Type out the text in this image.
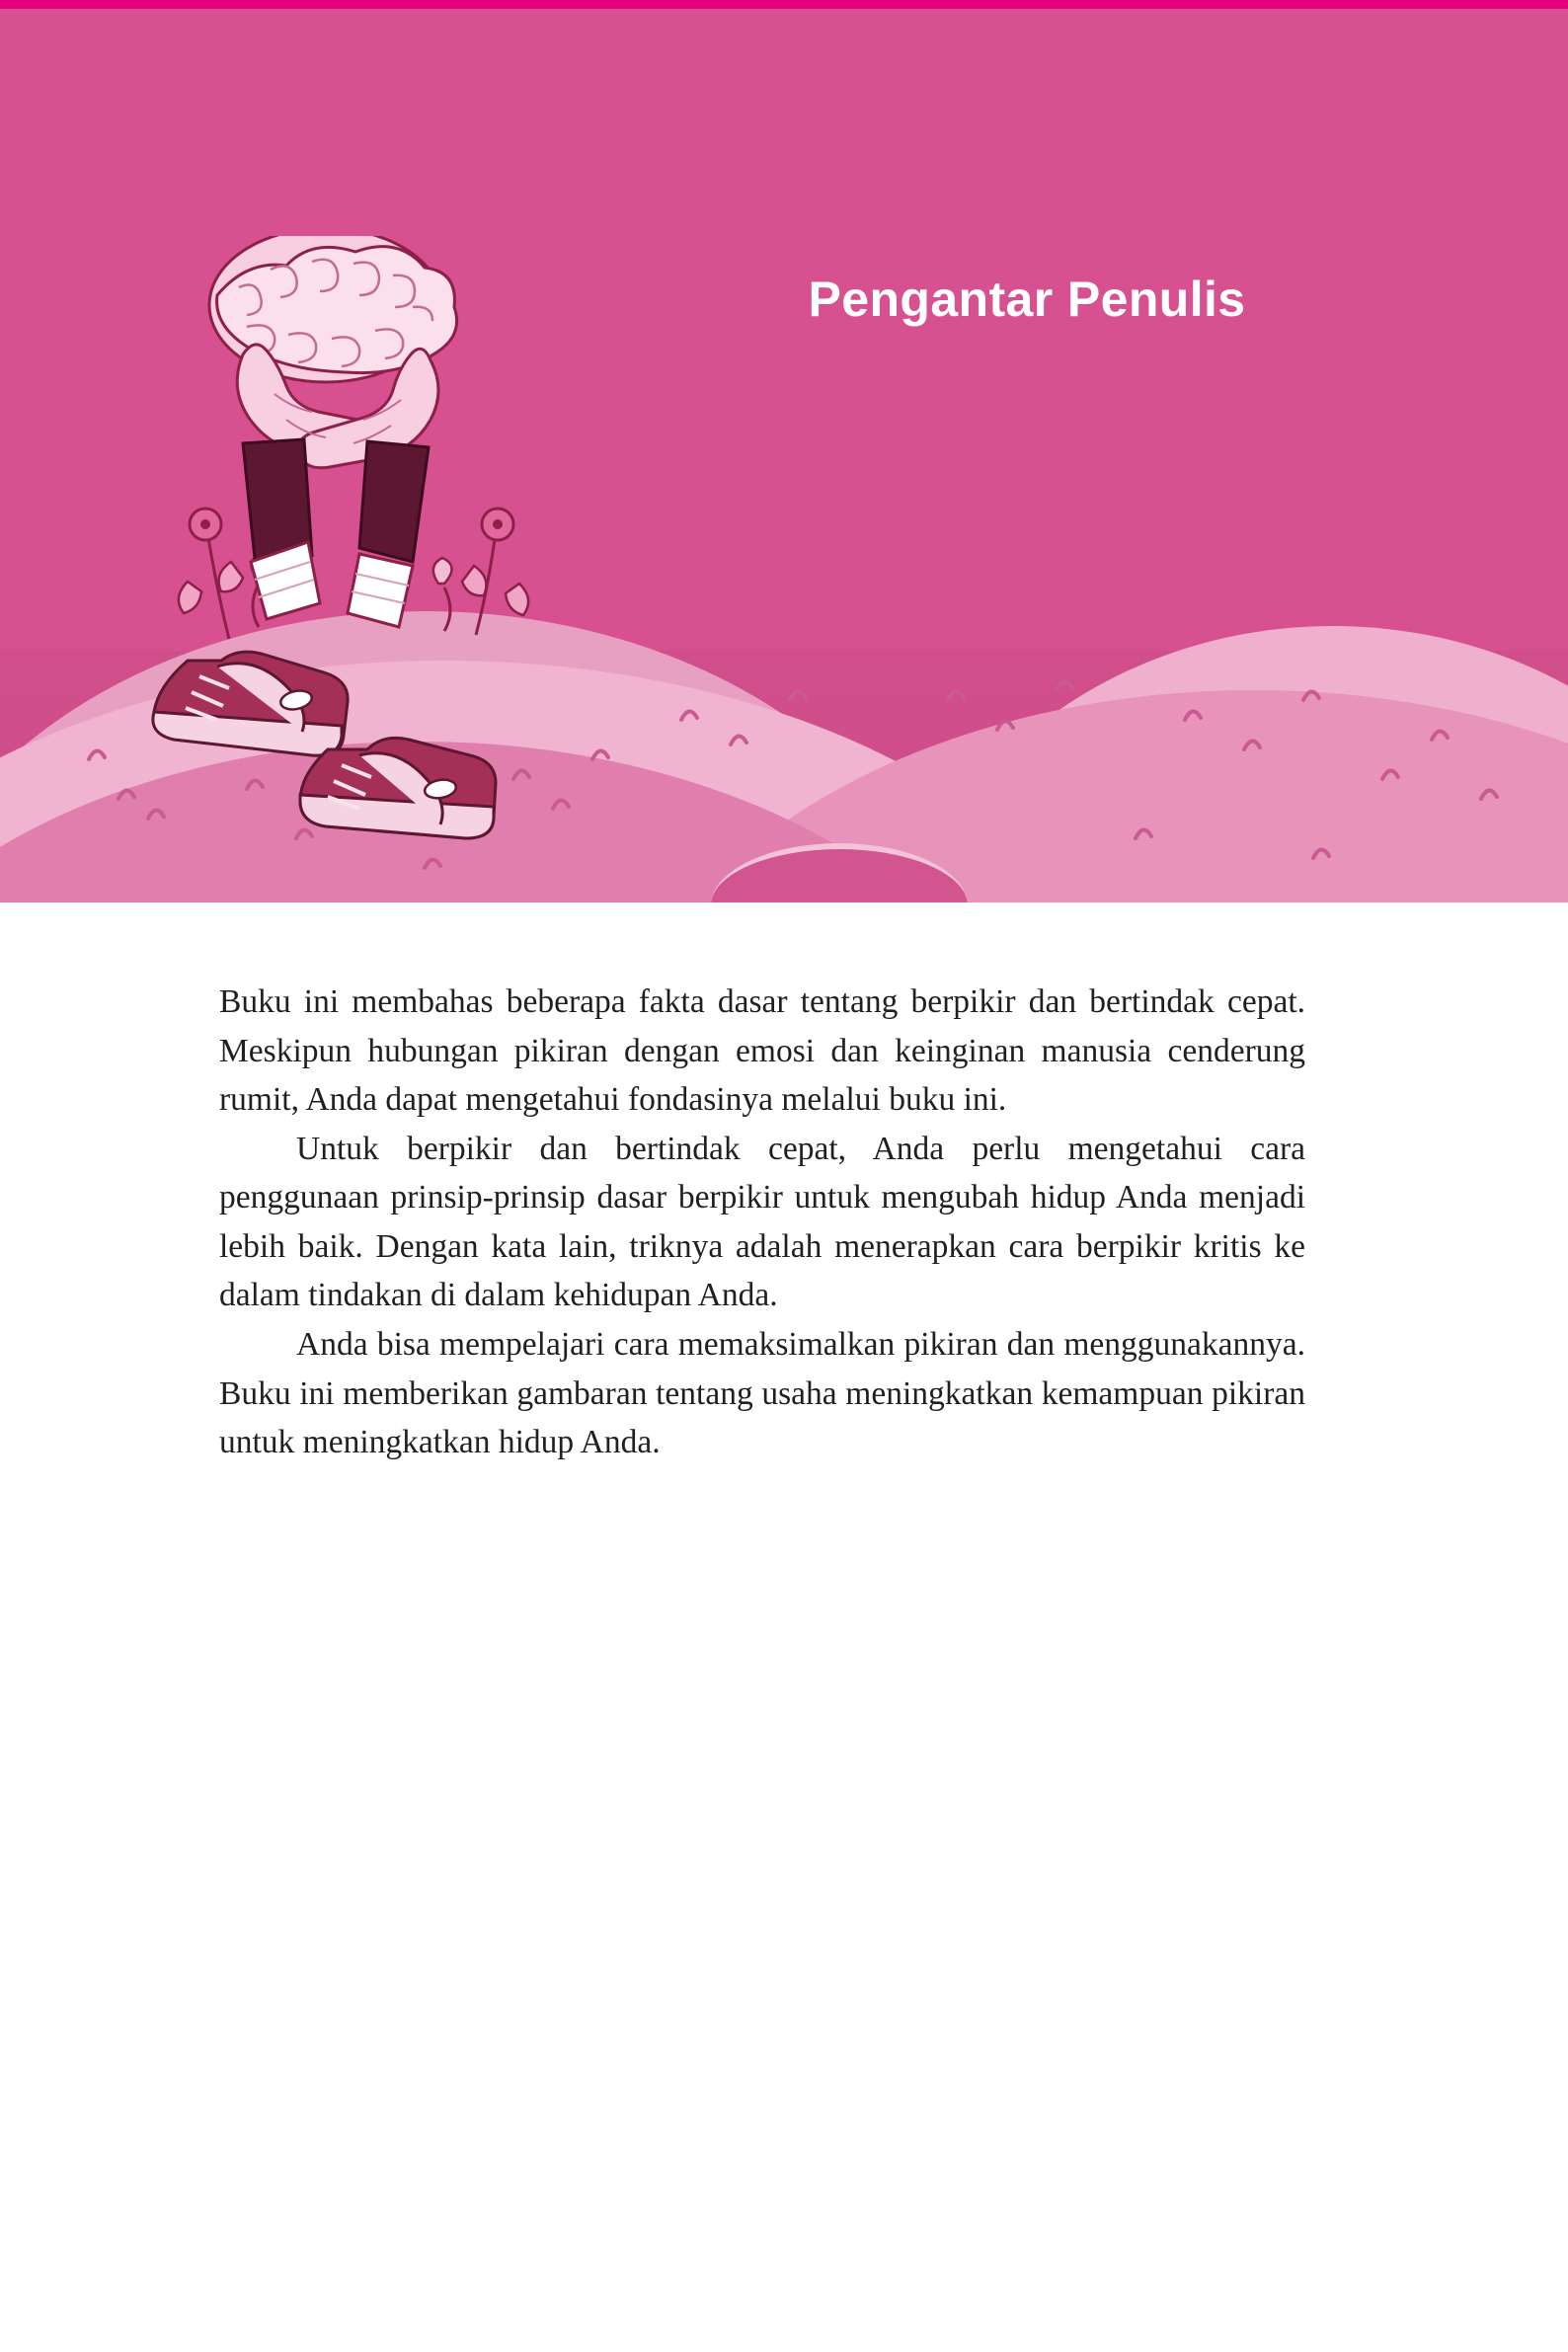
Pengantar Penulis

Buku ini membahas beberapa fakta dasar tentang berpikir dan bertindak cepat. Meskipun hubungan pikiran dengan emosi dan keinginan manusia cenderung rumit, Anda dapat mengetahui fondasinya melalui buku ini.

Untuk berpikir dan bertindak cepat, Anda perlu mengetahui cara penggunaan prinsip-prinsip dasar berpikir untuk mengubah hidup Anda menjadi lebih baik. Dengan kata lain, triknya adalah menerapkan cara berpikir kritis ke dalam tindakan di dalam kehidupan Anda.

Anda bisa mempelajari cara memaksimalkan pikiran dan menggunakannya. Buku ini memberikan gambaran tentang usaha meningkatkan kemampuan pikiran untuk meningkatkan hidup Anda.
